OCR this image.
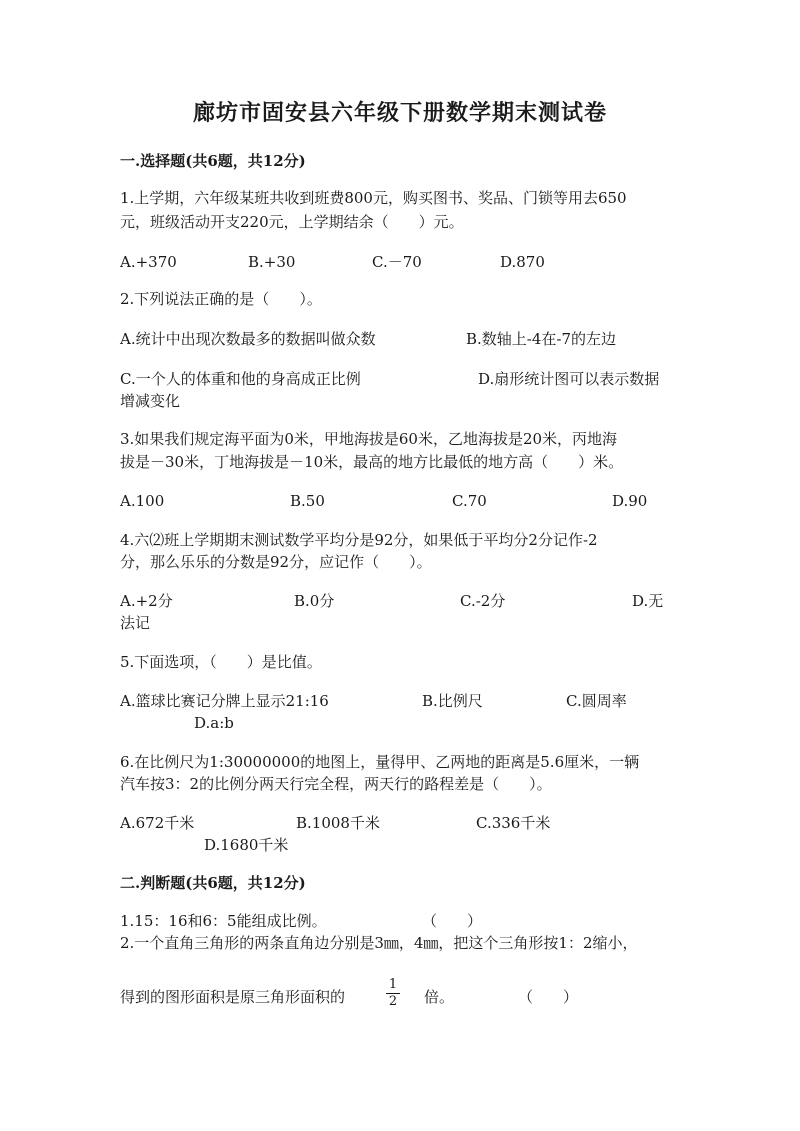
廊坊市固安县六年级下册数学期末测试卷
一.选择题(共6题，共12分)
1.上学期，六年级某班共收到班费800元，购买图书、奖品、门锁等用去650
元，班级活动开支220元，上学期结余（　　）元。
A.+370	B.+30	C.－70	D.870
2.下列说法正确的是（　　）。
A.统计中出现次数最多的数据叫做众数	B.数轴上-4在-7的左边
C.一个人的体重和他的身高成正比例	D.扇形统计图可以表示数据
增减变化
3.如果我们规定海平面为0米，甲地海拔是60米，乙地海拔是20米，丙地海
拔是－30米，丁地海拔是－10米，最高的地方比最低的地方高（　　）米。
A.100	B.50	C.70	D.90
4.六⑵班上学期期末测试数学平均分是92分，如果低于平均分2分记作-2
分，那么乐乐的分数是92分，应记作（　　）。
A.+2分	B.0分	C.-2分	D.无
法记
5.下面选项，（　　）是比值。
A.篮球比赛记分牌上显示21:16	B.比例尺	C.圆周率
D.a:b
6.在比例尺为1:30000000的地图上，量得甲、乙两地的距离是5.6厘米，一辆
汽车按3：2的比例分两天行完全程，两天行的路程差是（　　）。
A.672千米	B.1008千米	C.336千米
D.1680千米
二.判断题(共6题，共12分)
1.15：16和6：5能组成比例。	（　　）
2.一个直角三角形的两条直角边分别是3㎜，4㎜，把这个三角形按1：2缩小，
得到的图形面积是原三角形面积的
1
2 倍。	（　　）
